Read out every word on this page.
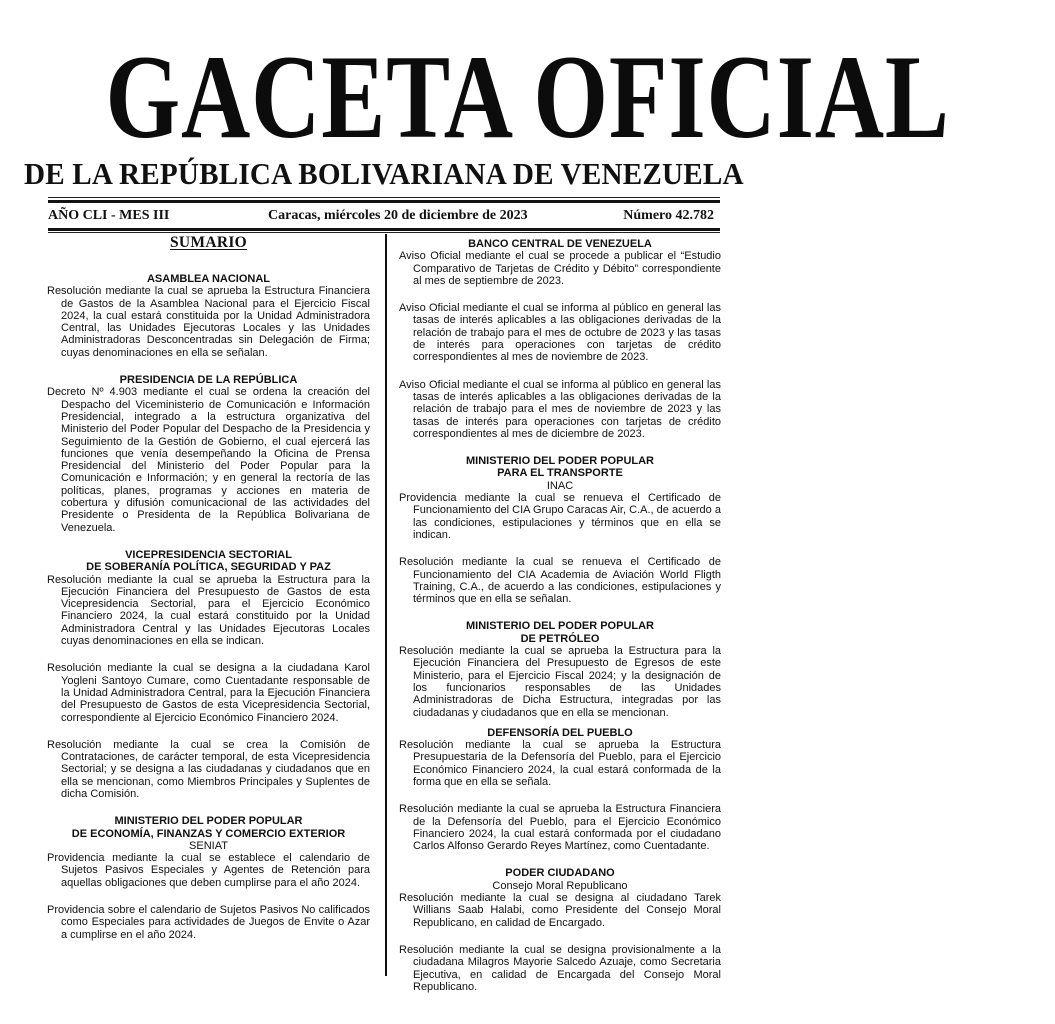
GACETA OFICIAL
DE LA REPÚBLICA BOLIVARIANA DE VENEZUELA
AÑO CLI - MES III	Caracas, miércoles 20 de diciembre de 2023	Número 42.782
SUMARIO
ASAMBLEA NACIONAL
Resolución mediante la cual se aprueba la Estructura Financiera de Gastos de la Asamblea Nacional para el Ejercicio Fiscal 2024, la cual estará constituida por la Unidad Administradora Central, las Unidades Ejecutoras Locales y las Unidades Administradoras Desconcentradas sin Delegación de Firma; cuyas denominaciones en ella se señalan.
PRESIDENCIA DE LA REPÚBLICA
Decreto Nº 4.903 mediante el cual se ordena la creación del Despacho del Viceministerio de Comunicación e Información Presidencial, integrado a la estructura organizativa del Ministerio del Poder Popular del Despacho de la Presidencia y Seguimiento de la Gestión de Gobierno, el cual ejercerá las funciones que venía desempeñando la Oficina de Prensa Presidencial del Ministerio del Poder Popular para la Comunicación e Información; y en general la rectoría de las políticas, planes, programas y acciones en materia de cobertura y difusión comunicacional de las actividades del Presidente o Presidenta de la República Bolivariana de Venezuela.
VICEPRESIDENCIA SECTORIAL
DE SOBERANÍA POLÍTICA, SEGURIDAD Y PAZ
Resolución mediante la cual se aprueba la Estructura para la Ejecución Financiera del Presupuesto de Gastos de esta Vicepresidencia Sectorial, para el Ejercicio Económico Financiero 2024, la cual estará constituido por la Unidad Administradora Central y las Unidades Ejecutoras Locales cuyas denominaciones en ella se indican.
Resolución mediante la cual se designa a la ciudadana Karol Yogleni Santoyo Cumare, como Cuentadante responsable de la Unidad Administradora Central, para la Ejecución Financiera del Presupuesto de Gastos de esta Vicepresidencia Sectorial, correspondiente al Ejercicio Económico Financiero 2024.
Resolución mediante la cual se crea la Comisión de Contrataciones, de carácter temporal, de esta Vicepresidencia Sectorial; y se designa a las ciudadanas y ciudadanos que en ella se mencionan, como Miembros Principales y Suplentes de dicha Comisión.
MINISTERIO DEL PODER POPULAR
DE ECONOMÍA, FINANZAS Y COMERCIO EXTERIOR
SENIAT
Providencia mediante la cual se establece el calendario de Sujetos Pasivos Especiales y Agentes de Retención para aquellas obligaciones que deben cumplirse para el año 2024.
Providencia sobre el calendario de Sujetos Pasivos No calificados como Especiales para actividades de Juegos de Envite o Azar a cumplirse en el año 2024.
BANCO CENTRAL DE VENEZUELA
Aviso Oficial mediante el cual se procede a publicar el “Estudio Comparativo de Tarjetas de Crédito y Débito” correspondiente al mes de septiembre de 2023.
Aviso Oficial mediante el cual se informa al público en general las tasas de interés aplicables a las obligaciones derivadas de la relación de trabajo para el mes de octubre de 2023 y las tasas de interés para operaciones con tarjetas de crédito correspondientes al mes de noviembre de 2023.
Aviso Oficial mediante el cual se informa al público en general las tasas de interés aplicables a las obligaciones derivadas de la relación de trabajo para el mes de noviembre de 2023 y las tasas de interés para operaciones con tarjetas de crédito correspondientes al mes de diciembre de 2023.
MINISTERIO DEL PODER POPULAR
PARA EL TRANSPORTE
INAC
Providencia mediante la cual se renueva el Certificado de Funcionamiento del CIA Grupo Caracas Air, C.A., de acuerdo a las condiciones, estipulaciones y términos que en ella se indican.
Resolución mediante la cual se renueva el Certificado de Funcionamiento del CIA Academia de Aviación World Fligth Training, C.A., de acuerdo a las condiciones, estipulaciones y términos que en ella se señalan.
MINISTERIO DEL PODER POPULAR
DE PETRÓLEO
Resolución mediante la cual se aprueba la Estructura para la Ejecución Financiera del Presupuesto de Egresos de este Ministerio, para el Ejercicio Fiscal 2024; y la designación de los funcionarios responsables de las Unidades Administradoras de Dicha Estructura, integradas por las ciudadanas y ciudadanos que en ella se mencionan.
DEFENSORÍA DEL PUEBLO
Resolución mediante la cual se aprueba la Estructura Presupuestaria de la Defensoría del Pueblo, para el Ejercicio Económico Financiero 2024, la cual estará conformada de la forma que en ella se señala.
Resolución mediante la cual se aprueba la Estructura Financiera de la Defensoría del Pueblo, para el Ejercicio Económico Financiero 2024, la cual estará conformada por el ciudadano Carlos Alfonso Gerardo Reyes Martínez, como Cuentadante.
PODER CIUDADANO
Consejo Moral Republicano
Resolución mediante la cual se designa al ciudadano Tarek Willians Saab Halabi, como Presidente del Consejo Moral Republicano, en calidad de Encargado.
Resolución mediante la cual se designa provisionalmente a la ciudadana Milagros Mayorie Salcedo Azuaje, como Secretaria Ejecutiva, en calidad de Encargada del Consejo Moral Republicano.
